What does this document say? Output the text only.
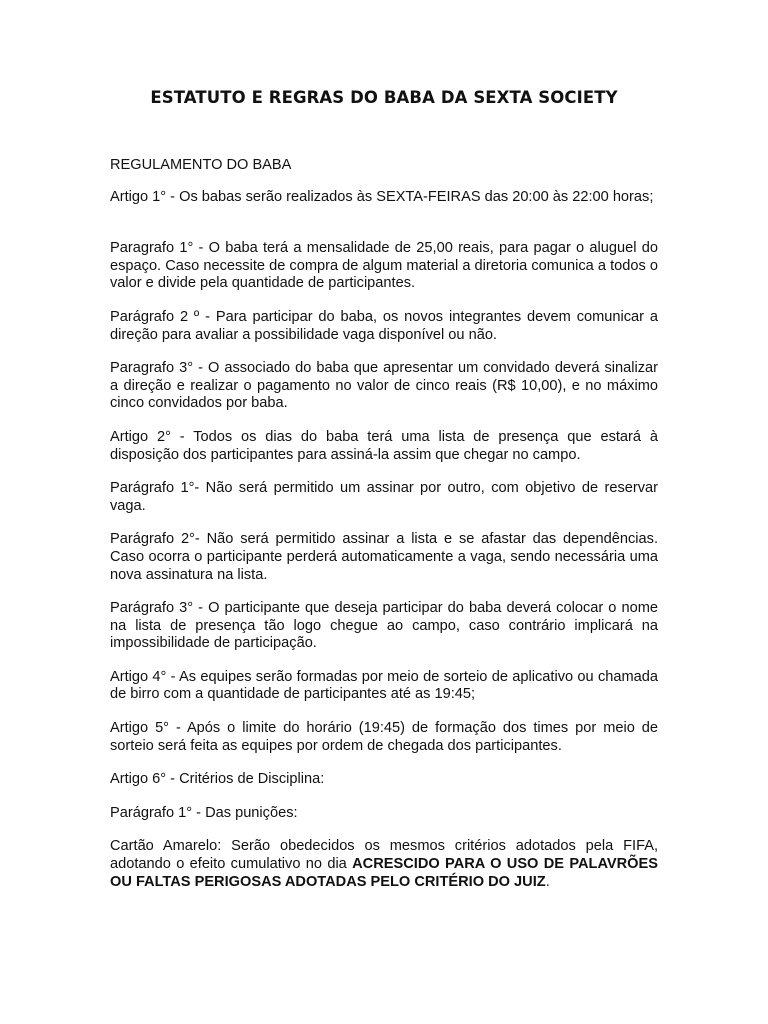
ESTATUTO E REGRAS DO BABA DA SEXTA SOCIETY

REGULAMENTO DO BABA

Artigo 1° - Os babas serão realizados às SEXTA-FEIRAS das 20:00 às 22:00 horas;

Paragrafo 1° - O baba terá a mensalidade de 25,00 reais, para pagar o aluguel do espaço. Caso necessite de compra de algum material a diretoria comunica a todos o valor e divide pela quantidade de participantes.

Parágrafo 2 º - Para participar do baba, os novos integrantes devem comunicar a direção para avaliar a possibilidade vaga disponível ou não.

Paragrafo 3° - O associado do baba que apresentar um convidado deverá sinalizar a direção e realizar o pagamento no valor de cinco reais (R$ 10,00), e no máximo cinco convidados por baba.

Artigo 2° - Todos os dias do baba terá uma lista de presença que estará à disposição dos participantes para assiná-la assim que chegar no campo.

Parágrafo 1°- Não será permitido um assinar por outro, com objetivo de reservar vaga.

Parágrafo 2°- Não será permitido assinar a lista e se afastar das dependências. Caso ocorra o participante perderá automaticamente a vaga, sendo necessária uma nova assinatura na lista.

Parágrafo 3° - O participante que deseja participar do baba deverá colocar o nome na lista de presença tão logo chegue ao campo, caso contrário implicará na impossibilidade de participação.

Artigo 4° - As equipes serão formadas por meio de sorteio de aplicativo ou chamada de birro com a quantidade de participantes até as 19:45;

Artigo 5° - Após o limite do horário (19:45) de formação dos times por meio de sorteio será feita as equipes por ordem de chegada dos participantes.

Artigo 6° - Critérios de Disciplina:

Parágrafo 1° - Das punições:

Cartão Amarelo: Serão obedecidos os mesmos critérios adotados pela FIFA, adotando o efeito cumulativo no dia ACRESCIDO PARA O USO DE PALAVRÕES OU FALTAS PERIGOSAS ADOTADAS PELO CRITÉRIO DO JUIZ.
